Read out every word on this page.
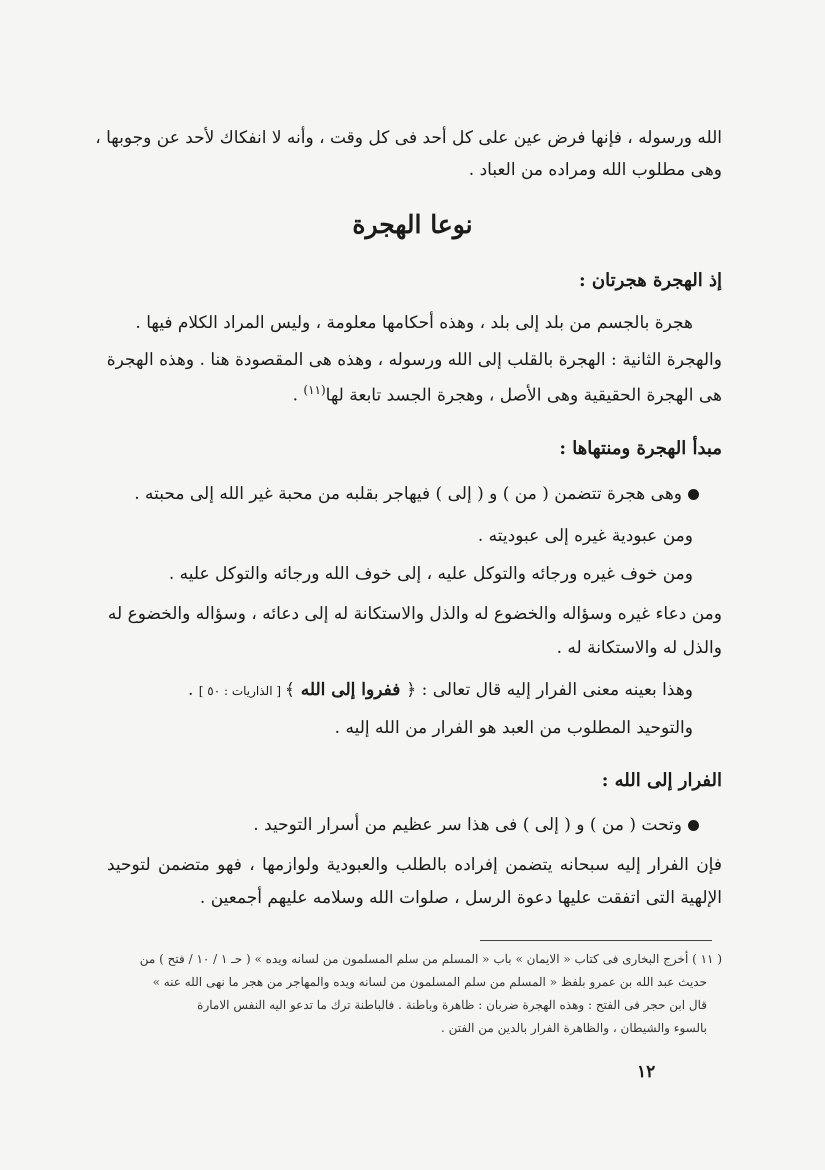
الله ورسوله ، فإنها فرض عين على كل أحد فى كل وقت ، وأنه لا انفكاك لأحد عن وجوبها ،

وهى مطلوب الله ومراده من العباد .

نوعا الهجرة

إذ الهجرة هجرتان :

هجرة بالجسم من بلد إلى بلد ، وهذه أحكامها معلومة ، وليس المراد الكلام فيها .

والهجرة الثانية : الهجرة بالقلب إلى الله ورسوله ، وهذه هى المقصودة هنا . وهذه الهجرة

هى الهجرة الحقيقية وهى الأصل ، وهجرة الجسد تابعة لها$^{(١١)}$ .

مبدأ الهجرة ومنتهاها :

وهى هجرة تتضمن ( من ) و ( إلى ) فيهاجر بقلبه من محبة غير الله إلى محبته .

ومن عبودية غيره إلى عبوديته .

ومن خوف غيره ورجائه والتوكل عليه ، إلى خوف الله ورجائه والتوكل عليه .

ومن دعاء غيره وسؤاله والخضوع له والذل والاستكانة له إلى دعائه ، وسؤاله والخضوع له

والذل له والاستكانة له .

وهذا بعينه معنى الفرار إليه قال تعالى : ﴿ ففروا إلى الله ﴾ [ الذاريات : ٥٠ ] .

والتوحيد المطلوب من العبد هو الفرار من الله إليه .

الفرار إلى الله :

وتحت ( من ) و ( إلى ) فى هذا سر عظيم من أسرار التوحيد .

فإن الفرار إليه سبحانه يتضمن إفراده بالطلب والعبودية ولوازمها ، فهو متضمن لتوحيد

الإلهية التى اتفقت عليها دعوة الرسل ، صلوات الله وسلامه عليهم أجمعين .

( ١١ ) أخرج البخارى فى كتاب « الايمان » باب « المسلم من سلم المسلمون من لسانه ويده » ( حـ ١ / ١٠ / فتح ) من

حديث عبد الله بن عمرو بلفظ « المسلم من سلم المسلمون من لسانه ويده والمهاجر من هجر ما نهى الله عنه »

قال ابن حجر فى الفتح : وهذه الهجرة ضربان : ظاهرة وباطنة . فالباطنة ترك ما تدعو اليه النفس الامارة

بالسوء والشيطان ، والظاهرة الفرار بالدين من الفتن .

١٢
